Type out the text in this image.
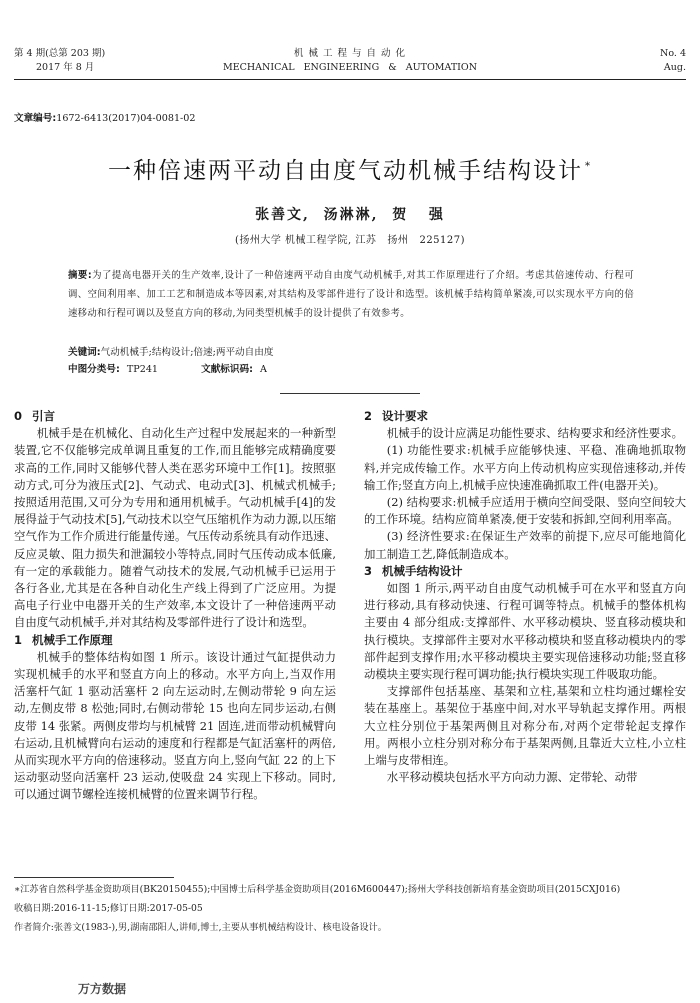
第 4 期(总第 203 期)
2017 年 8 月
机 械 工 程 与 自 动 化
MECHANICAL   ENGINEERING   &   AUTOMATION
No. 4
Aug.
文章编号:1672-6413(2017)04-0081-02
一种倍速两平动自由度气动机械手结构设计 *
张善文,  汤淋淋,  贺   强
(扬州大学 机械工程学院, 江苏   扬州   225127)
摘要:为了提高电器开关的生产效率,设计了一种倍速两平动自由度气动机械手,对其工作原理进行了介绍。考虑其倍速传动、行程可调、空间利用率、加工工艺和制造成本等因素,对其结构及零部件进行了设计和选型。该机械手结构简单紧凑,可以实现水平方向的倍速移动和行程可调以及竖直方向的移动,为同类型机械手的设计提供了有效参考。
关键词:气动机械手;结构设计;倍速;两平动自由度
中图分类号: TP241	文献标识码: A
0 引言

机械手是在机械化、自动化生产过程中发展起来的一种新型装置,它不仅能够完成单调且重复的工作,而且能够完成精确度要求高的工作,同时又能够代替人类在恶劣环境中工作[1]。按照驱动方式,可分为液压式[2]、气动式、电动式[3]、机械式机械手;按照适用范围,又可分为专用和通用机械手。气动机械手[4]的发展得益于气动技术[5],气动技术以空气压缩机作为动力源,以压缩空气作为工作介质进行能量传递。气压传动系统具有动作迅速、反应灵敏、阻力损失和泄漏较小等特点,同时气压传动成本低廉,有一定的承载能力。随着气动技术的发展,气动机械手已运用于各行各业,尤其是在各种自动化生产线上得到了广泛应用。为提高电子行业中电器开关的生产效率,本文设计了一种倍速两平动自由度气动机械手,并对其结构及零部件进行了设计和选型。

1 机械手工作原理

机械手的整体结构如图 1 所示。该设计通过气缸提供动力实现机械手的水平和竖直方向上的移动。水平方向上,当双作用活塞杆气缸 1 驱动活塞杆 2 向左运动时,左侧动带轮 9 向左运动,左侧皮带 8 松弛;同时,右侧动带轮 15 也向左同步运动,右侧皮带 14 张紧。两侧皮带均与机械臂 21 固连,进而带动机械臂向右运动,且机械臂向右运动的速度和行程都是气缸活塞杆的两倍,从而实现水平方向的倍速移动。竖直方向上,竖向气缸 22 的上下运动驱动竖向活塞杆 23 运动,使吸盘 24 实现上下移动。同时,可以通过调节螺栓连接机械臂的位置来调节行程。

2 设计要求

机械手的设计应满足功能性要求、结构要求和经济性要求。

(1) 功能性要求:机械手应能够快速、平稳、准确地抓取物料,并完成传输工作。水平方向上传动机构应实现倍速移动,并传输工作;竖直方向上,机械手应快速准确抓取工件(电器开关)。

(2) 结构要求:机械手应适用于横向空间受限、竖向空间较大的工作环境。结构应简单紧凑,便于安装和拆卸,空间利用率高。

(3) 经济性要求:在保证生产效率的前提下,应尽可能地简化加工制造工艺,降低制造成本。

3 机械手结构设计

如图 1 所示,两平动自由度气动机械手可在水平和竖直方向进行移动,具有移动快速、行程可调等特点。机械手的整体机构主要由 4 部分组成:支撑部件、水平移动模块、竖直移动模块和执行模块。支撑部件主要对水平移动模块和竖直移动模块内的零部件起到支撑作用;水平移动模块主要实现倍速移动功能;竖直移动模块主要实现行程可调功能;执行模块实现工件吸取功能。

支撑部件包括基座、基架和立柱,基架和立柱均通过螺栓安装在基座上。基架位于基座中间,对水平导轨起支撑作用。两根大立柱分别位于基架两侧且对称分布,对两个定带轮起支撑作用。两根小立柱分别对称分布于基架两侧,且靠近大立柱,小立柱上端与皮带相连。

水平移动模块包括水平方向动力源、定带轮、动带

∗江苏省自然科学基金资助项目(BK20150455);中国博士后科学基金资助项目(2016M600447);扬州大学科技创新培育基金资助项目(2015CXJ016)
收稿日期:2016-11-15;修订日期:2017-05-05
作者简介:张善文(1983-),男,湖南邵阳人,讲师,博士,主要从事机械结构设计、核电设备设计。
万方数据
